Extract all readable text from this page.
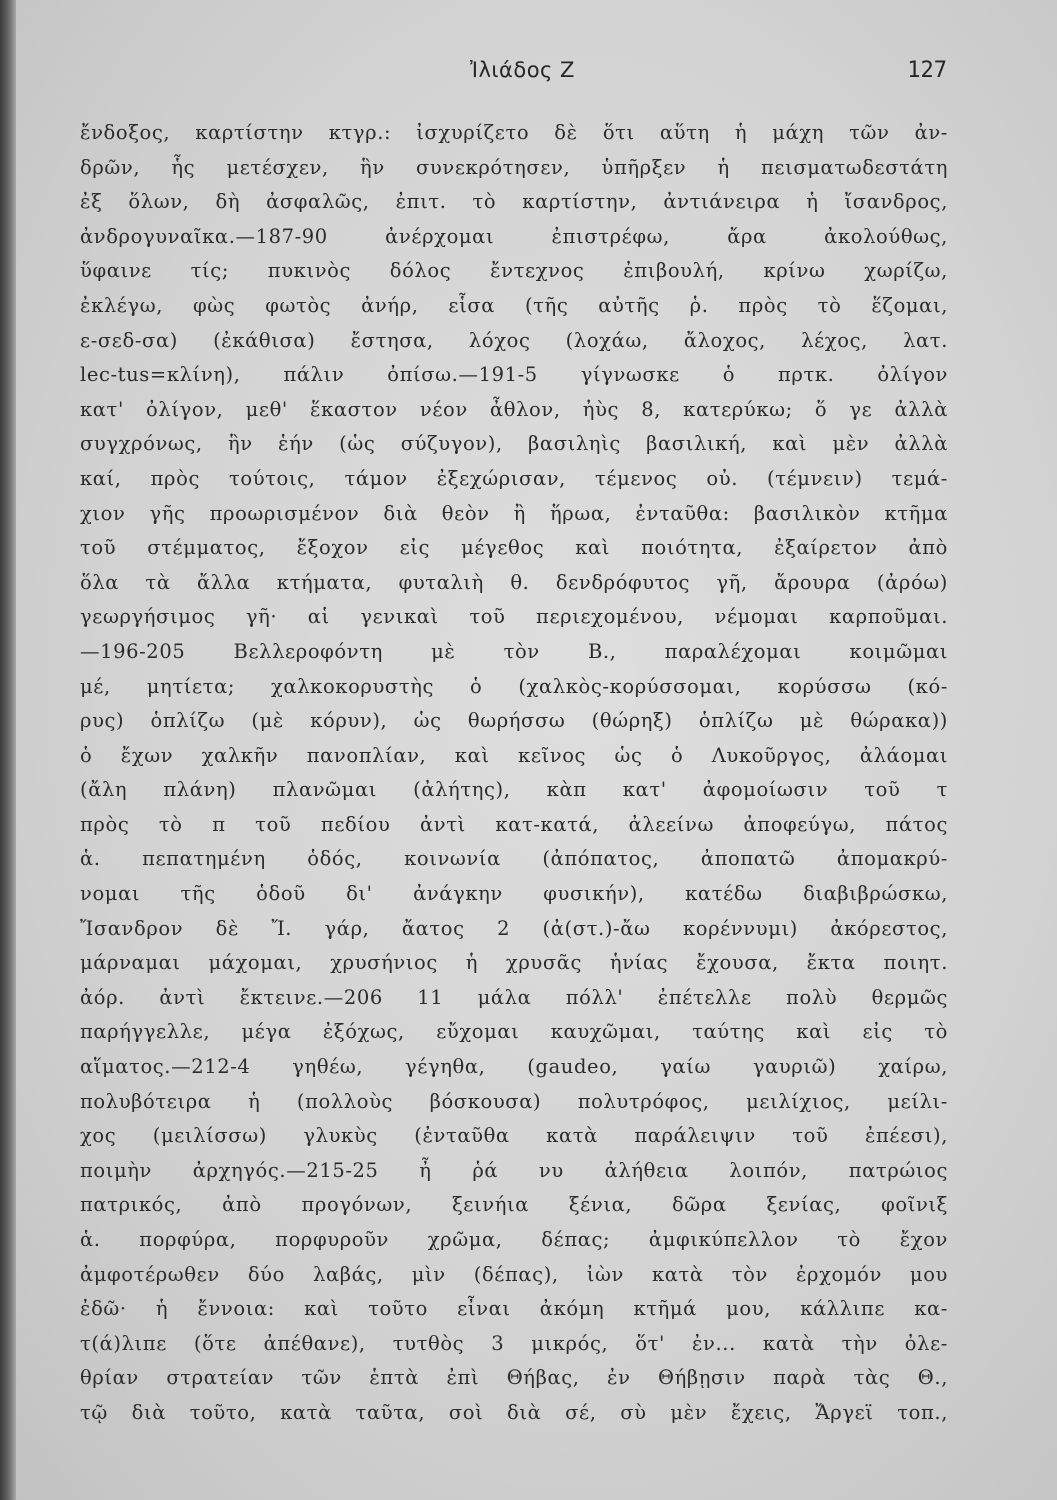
Ἰλιάδος Z	127
ἔνδοξος, καρτίστην κτγρ.: ἰσχυρίζετο δὲ ὅτι αὕτη ἡ μάχη τῶν ἀν-
δρῶν, ἧς μετέσχεν, ἣν συνεκρότησεν, ὑπῆρξεν ἡ πεισματωδεστάτη
ἐξ ὅλων, δὴ ἀσφαλῶς, ἐπιτ. τὸ καρτίστην, ἀντιάνειρα ἡ ἴσανδρος,
ἀνδρογυναῖκα.—187-90 ἀνέρχομαι ἐπιστρέφω, ἄρα ἀκολούθως,
ὕφαινε τίς; πυκινὸς δόλος ἔντεχνος ἐπιβουλή, κρίνω χωρίζω,
ἐκλέγω, φὼς φωτὸς ἀνήρ, εἷσα (τῆς αὐτῆς ῥ. πρὸς τὸ ἕζομαι,
ε-σεδ-σα) (ἐκάθισα) ἔστησα, λόχος (λοχάω, ἄλοχος, λέχος, λατ.
lec-tus=κλίνη), πάλιν ὀπίσω.—191-5 γίγνωσκε ὁ πρτκ. ὀλίγον
κατ' ὀλίγον, μεθ' ἕκαστον νέον ἆθλον, ἠὺς 8, κατερύκω; ὅ γε ἀλλὰ
συγχρόνως, ἣν ἑήν (ὡς σύζυγον), βασιληὶς βασιλική, καὶ μὲν ἀλλὰ
καί, πρὸς τούτοις, τάμον ἐξεχώρισαν, τέμενος οὐ. (τέμνειν) τεμά-
χιον γῆς προωρισμένον διὰ θεὸν ἢ ἥρωα, ἐνταῦθα: βασιλικὸν κτῆμα
τοῦ στέμματος, ἔξοχον εἰς μέγεθος καὶ ποιότητα, ἐξαίρετον ἀπὸ
ὅλα τὰ ἄλλα κτήματα, φυταλιὴ θ. δενδρόφυτος γῆ, ἄρουρα (ἀρόω)
γεωργήσιμος γῆ· αἱ γενικαὶ τοῦ περιεχομένου, νέμομαι καρποῦμαι.
—196-205 Βελλεροφόντη μὲ τὸν Β., παραλέχομαι κοιμῶμαι
μέ, μητίετα; χαλκοκορυστὴς ὁ (χαλκὸς-κορύσσομαι, κορύσσω (κό-
ρυς) ὁπλίζω (μὲ κόρυν), ὡς θωρήσσω (θώρηξ) ὁπλίζω μὲ θώρακα))
ὁ ἔχων χαλκῆν πανοπλίαν, καὶ κεῖνος ὡς ὁ Λυκοῦργος, ἀλάομαι
(ἄλη πλάνη) πλανῶμαι (ἀλήτης), κὰπ κατ' ἀφομοίωσιν τοῦ τ
πρὸς τὸ π τοῦ πεδίου ἀντὶ κατ-κατά, ἀλεείνω ἀποφεύγω, πάτος
ἁ. πεπατημένη ὁδός, κοινωνία (ἀπόπατος, ἀποπατῶ ἀπομακρύ-
νομαι τῆς ὁδοῦ δι' ἀνάγκην φυσικήν), κατέδω διαβιβρώσκω,
Ἴσανδρον δὲ Ἴ. γάρ, ἄατος 2 (ἀ(στ.)-ἄω κορέννυμι) ἀκόρεστος,
μάρναμαι μάχομαι, χρυσήνιος ἡ χρυσᾶς ἡνίας ἔχουσα, ἔκτα ποιητ.
ἀόρ. ἀντὶ ἔκτεινε.—206 11 μάλα πόλλ' ἐπέτελλε πολὺ θερμῶς
παρήγγελλε, μέγα ἐξόχως, εὔχομαι καυχῶμαι, ταύτης καὶ εἰς τὸ
αἵματος.—212-4 γηθέω, γέγηθα, (gaudeo, γαίω γαυριῶ) χαίρω,
πολυβότειρα ἡ (πολλοὺς βόσκουσα) πολυτρόφος, μειλίχιος, μείλι-
χος (μειλίσσω) γλυκὺς (ἐνταῦθα κατὰ παράλειψιν τοῦ ἐπέεσι),
ποιμὴν ἀρχηγός.—215-25 ἦ ῥά νυ ἀλήθεια λοιπόν, πατρώιος
πατρικός, ἀπὸ προγόνων, ξεινήια ξένια, δῶρα ξενίας, φοῖνιξ
ἁ. πορφύρα, πορφυροῦν χρῶμα, δέπας; ἀμφικύπελλον τὸ ἔχον
ἀμφοτέρωθεν δύο λαβάς, μὶν (δέπας), ἰὼν κατὰ τὸν ἐρχομόν μου
ἐδῶ· ἡ ἔννοια: καὶ τοῦτο εἶναι ἀκόμη κτῆμά μου, κάλλιπε κα-
τ(ά)λιπε (ὅτε ἀπέθανε), τυτθὸς 3 μικρός, ὅτ' ἐν... κατὰ τὴν ὀλε-
θρίαν στρατείαν τῶν ἑπτὰ ἐπὶ Θήβας, ἐν Θήβῃσιν παρὰ τὰς Θ.,
τῷ διὰ τοῦτο, κατὰ ταῦτα, σοὶ διὰ σέ, σὺ μὲν ἔχεις, Ἄργεϊ τοπ.,
